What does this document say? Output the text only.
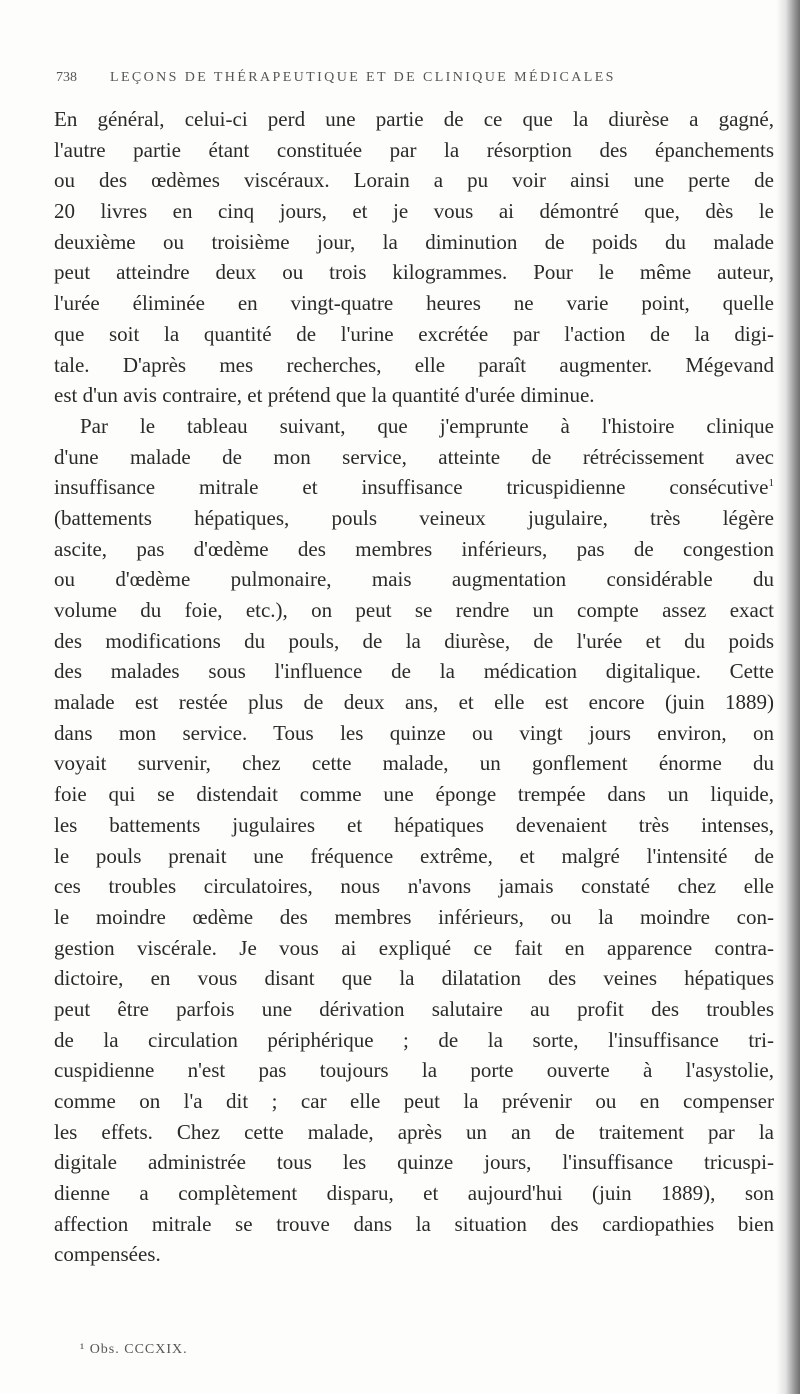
738 LEÇONS DE THÉRAPEUTIQUE ET DE CLINIQUE MÉDICALES
En général, celui-ci perd une partie de ce que la diurèse a gagné,
l'autre partie étant constituée par la résorption des épanchements
ou des œdèmes viscéraux. Lorain a pu voir ainsi une perte de
20 livres en cinq jours, et je vous ai démontré que, dès le
deuxième ou troisième jour, la diminution de poids du malade
peut atteindre deux ou trois kilogrammes. Pour le même auteur,
l'urée éliminée en vingt-quatre heures ne varie point, quelle
que soit la quantité de l'urine excrétée par l'action de la digi-
tale. D'après mes recherches, elle paraît augmenter. Mégevand
est d'un avis contraire, et prétend que la quantité d'urée diminue.
Par le tableau suivant, que j'emprunte à l'histoire clinique
d'une malade de mon service, atteinte de rétrécissement avec
insuffisance mitrale et insuffisance tricuspidienne consécutive$^1$
(battements hépatiques, pouls veineux jugulaire, très légère
ascite, pas d'œdème des membres inférieurs, pas de congestion
ou d'œdème pulmonaire, mais augmentation considérable du
volume du foie, etc.), on peut se rendre un compte assez exact
des modifications du pouls, de la diurèse, de l'urée et du poids
des malades sous l'influence de la médication digitalique. Cette
malade est restée plus de deux ans, et elle est encore (juin 1889)
dans mon service. Tous les quinze ou vingt jours environ, on
voyait survenir, chez cette malade, un gonflement énorme du
foie qui se distendait comme une éponge trempée dans un liquide,
les battements jugulaires et hépatiques devenaient très intenses,
le pouls prenait une fréquence extrême, et malgré l'intensité de
ces troubles circulatoires, nous n'avons jamais constaté chez elle
le moindre œdème des membres inférieurs, ou la moindre con-
gestion viscérale. Je vous ai expliqué ce fait en apparence contra-
dictoire, en vous disant que la dilatation des veines hépatiques
peut être parfois une dérivation salutaire au profit des troubles
de la circulation périphérique ; de la sorte, l'insuffisance tri-
cuspidienne n'est pas toujours la porte ouverte à l'asystolie,
comme on l'a dit ; car elle peut la prévenir ou en compenser
les effets. Chez cette malade, après un an de traitement par la
digitale administrée tous les quinze jours, l'insuffisance tricuspi-
dienne a complètement disparu, et aujourd'hui (juin 1889), son
affection mitrale se trouve dans la situation des cardiopathies bien
compensées.
¹ Obs. CCCXIX.
